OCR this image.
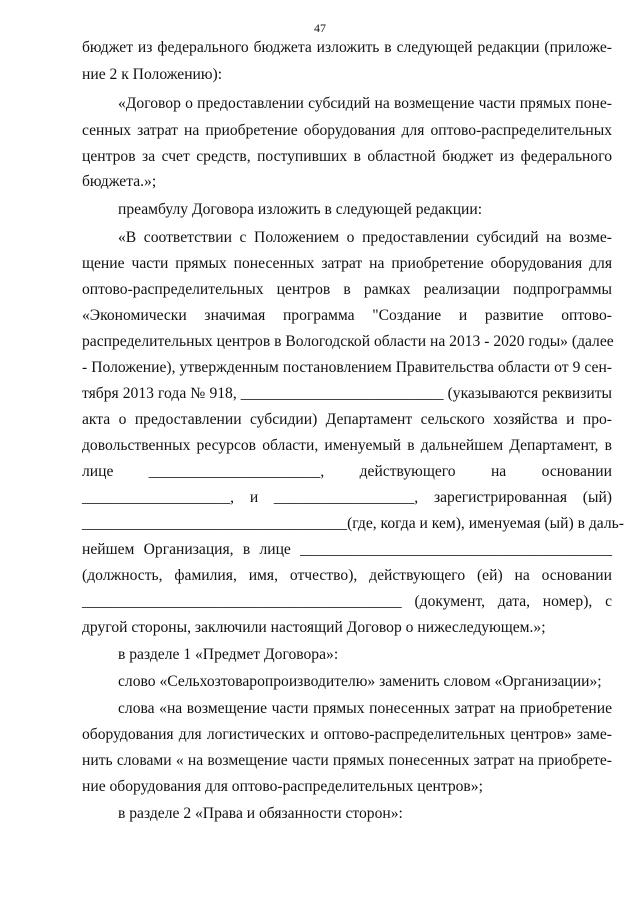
47
бюджет из федерального бюджета изложить в следующей редакции (приложе-
ние 2 к Положению):
«Договор о предоставлении субсидий на возмещение части прямых понe-
сенных затрат на приобретение оборудования для оптово-распределительных
центров за счет средств, поступивших в областной бюджет из федерального
бюджета.»;
преамбулу Договора изложить в следующей редакции:
«В соответствии с Положением о предоставлении субсидий на возме-
щение части прямых понесенных затрат на приобретение оборудования для
оптово-распределительных центров в рамках реализации подпрограммы
«Экономически значимая программа "Создание и развитие оптово-
распределительных центров в Вологодской области на 2013 - 2020 годы» (далее
- Положение), утвержденным постановлением Правительства области от 9 сен-
тября 2013 года № 918, __________________________ (указываются реквизиты
акта о предоставлении субсидии) Департамент сельского хозяйства и про-
довольственных ресурсов области, именуемый в дальнейшем Департамент, в
лице ______________________, действующего на основании
___________________, и __________________, зарегистрированная (ый)
__________________________________(где, когда и кем), именуемая (ый) в даль-
нейшем Организация, в лице ________________________________________
(должность, фамилия, имя, отчество), действующего (ей) на основании
_________________________________________ (документ, дата, номер), с
другой стороны, заключили настоящий Договор о нижеследующем.»;
в разделе 1 «Предмет Договора»:
слово «Сельхозтоваропроизводителю» заменить словом «Организации»;
слова «на возмещение части прямых понесенных затрат на приобретение
оборудования для логистических и оптово-распределительных центров» заме-
нить словами « на возмещение части прямых понесенных затрат на приобрете-
ние оборудования для оптово-распределительных центров»;
в разделе 2 «Права и обязанности сторон»:
